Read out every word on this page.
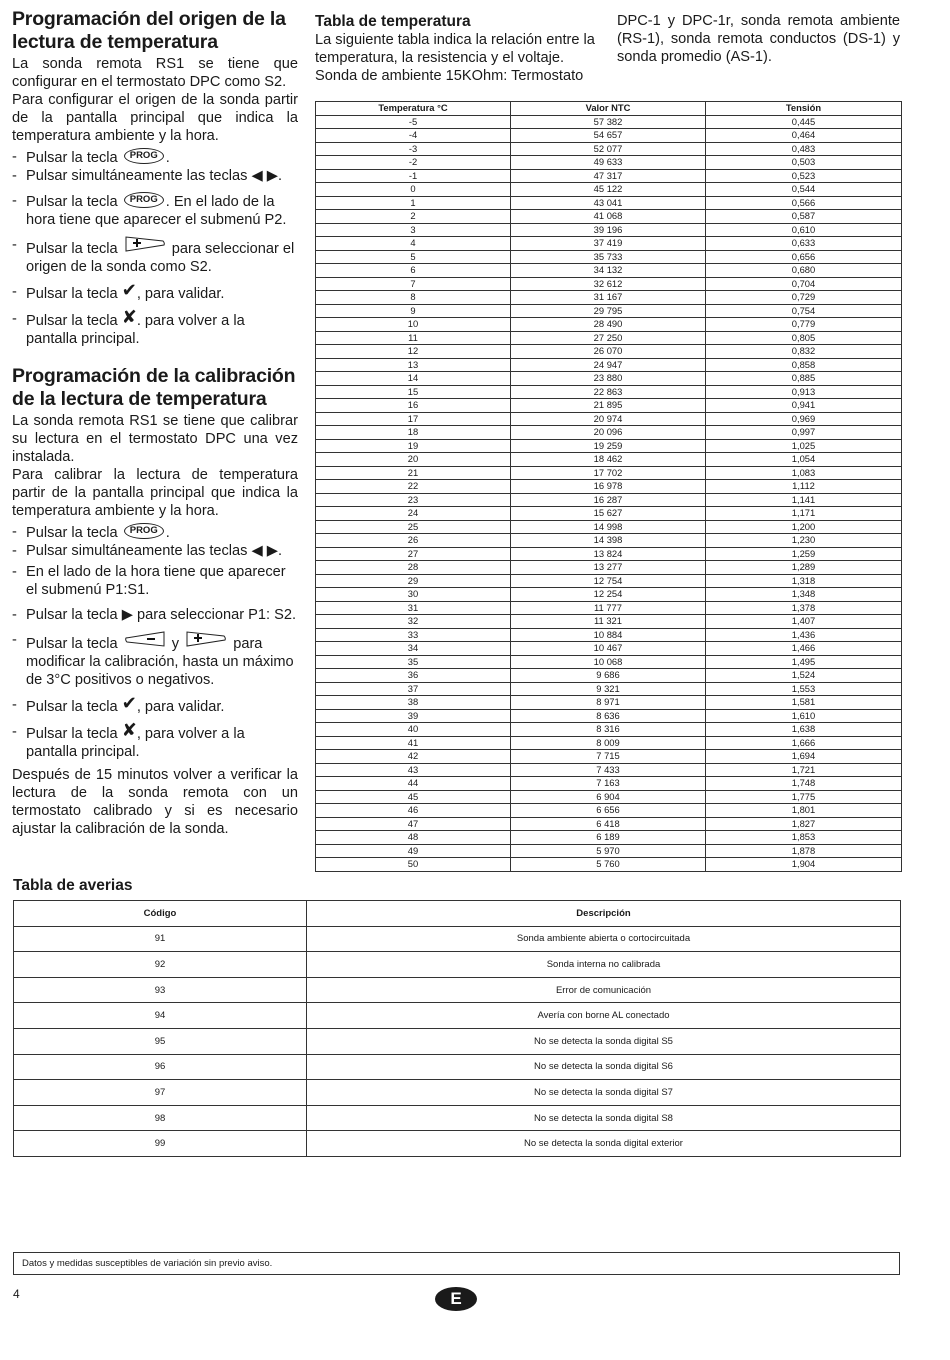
Programación del origen de la
lectura de temperatura

La sonda remota RS1 se tiene que configurar en el termostato DPC como S2.

Para configurar el origen de la sonda partir de la pantalla principal que indica la temperatura ambiente y la hora.

- Pulsar la tecla PROG .
- Pulsar simultáneamente las teclas ◀ ▶.
- Pulsar la tecla PROG . En el lado de la hora tiene que aparecer el submenú P2.
- Pulsar la tecla	para seleccionar el origen de la sonda como S2.
- Pulsar la tecla ✔, para validar.
- Pulsar la tecla ✘. para volver a la pantalla principal.
Programación de la calibración
de la lectura de temperatura

La sonda remota RS1 se tiene que calibrar su lectura en el termostato DPC una vez instalada.

Para calibrar la lectura de temperatura partir de la pantalla principal que indica la temperatura ambiente y la hora.

- Pulsar la tecla PROG .
- Pulsar simultáneamente las teclas ◀ ▶.
- En el lado de la hora tiene que aparecer el submenú P1:S1.
- Pulsar la tecla ▶ para seleccionar P1: S2.
- Pulsar la tecla	y	para modificar la calibración, hasta un máximo de 3°C positivos o negativos.
- Pulsar la tecla ✔, para validar.
- Pulsar la tecla ✘, para volver a la pantalla principal.

Después de 15 minutos volver a verificar la lectura de la sonda remota con un termostato calibrado y si es necesario ajustar la calibración de la sonda.

Tabla de temperatura

La siguiente tabla indica la relación entre la temperatura, la resistencia y el voltaje. Sonda de ambiente 15KOhm: Termostato

DPC-1 y DPC-1r, sonda remota ambiente (RS-1), sonda remota conductos (DS-1) y sonda promedio (AS-1).

Temperatura °C	Valor NTC	Tensión
-5	57 382	0,445
-4	54 657	0,464
-3	52 077	0,483
-2	49 633	0,503
-1	47 317	0,523
0	45 122	0,544
1	43 041	0,566
2	41 068	0,587
3	39 196	0,610
4	37 419	0,633
5	35 733	0,656
6	34 132	0,680
7	32 612	0,704
8	31 167	0,729
9	29 795	0,754
10	28 490	0,779
11	27 250	0,805
12	26 070	0,832
13	24 947	0,858
14	23 880	0,885
15	22 863	0,913
16	21 895	0,941
17	20 974	0,969
18	20 096	0,997
19	19 259	1,025
20	18 462	1,054
21	17 702	1,083
22	16 978	1,112
23	16 287	1,141
24	15 627	1,171
25	14 998	1,200
26	14 398	1,230
27	13 824	1,259
28	13 277	1,289
29	12 754	1,318
30	12 254	1,348
31	11 777	1,378
32	11 321	1,407
33	10 884	1,436
34	10 467	1,466
35	10 068	1,495
36	9 686	1,524
37	9 321	1,553
38	8 971	1,581
39	8 636	1,610
40	8 316	1,638
41	8 009	1,666
42	7 715	1,694
43	7 433	1,721
44	7 163	1,748
45	6 904	1,775
46	6 656	1,801
47	6 418	1,827
48	6 189	1,853
49	5 970	1,878
50	5 760	1,904
Tabla de averias
Código	Descripción
91	Sonda ambiente abierta o cortocircuitada
92	Sonda interna no calibrada
93	Error de comunicación
94	Avería con borne AL conectado
95	No se detecta la sonda digital S5
96	No se detecta la sonda digital S6
97	No se detecta la sonda digital S7
98	No se detecta la sonda digital S8
99	No se detecta la sonda digital exterior
Datos y medidas susceptibles de variación sin previo aviso.
4	E
